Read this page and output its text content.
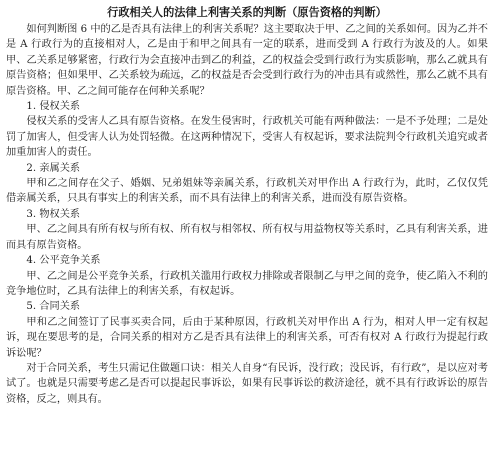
行政相关人的法律上利害关系的判断（原告资格的判断）

如何判断图 6 中的乙是否具有法律上的利害关系呢？这主要取决于甲、乙之间的关系如何。因为乙并不是 A 行政行为的直接相对人，乙是由于和甲之间具有一定的联系，进而受到 A 行政行为波及的人。如果甲、乙关系足够紧密，行政行为会直接冲击到乙的利益，乙的权益会受到行政行为实质影响，那么乙就具有原告资格；但如果甲、乙关系较为疏远，乙的权益是否会受到行政行为的冲击具有或然性，那么乙就不具有原告资格。甲、乙之间可能存在何种关系呢？

1. 侵权关系

侵权关系的受害人乙具有原告资格。在发生侵害时，行政机关可能有两种做法：一是不予处理；二是处罚了加害人，但受害人认为处罚轻微。在这两种情况下，受害人有权起诉，要求法院判令行政机关追究或者加重加害人的责任。

2. 亲属关系

甲和乙之间存在父子、婚姻、兄弟姐妹等亲属关系，行政机关对甲作出 A 行政行为，此时，乙仅仅凭借亲属关系，只具有事实上的利害关系，而不具有法律上的利害关系，进而没有原告资格。

3. 物权关系

甲、乙之间具有所有权与所有权、所有权与相邻权、所有权与用益物权等关系时，乙具有利害关系，进而具有原告资格。

4. 公平竞争关系

甲、乙之间是公平竞争关系，行政机关滥用行政权力排除或者限制乙与甲之间的竞争，使乙陷入不利的竞争地位时，乙具有法律上的利害关系，有权起诉。

5. 合同关系

甲和乙之间签订了民事买卖合同，后由于某种原因，行政机关对甲作出 A 行为，相对人甲一定有权起诉，现在要思考的是，合同关系的相对方乙是否具有法律上的利害关系，可否有权对 A 行政行为提起行政诉讼呢？

对于合同关系，考生只需记住做题口诀：相关人自身“有民诉，没行政；没民诉，有行政”，是以应对考试了。也就是只需要考虑乙是否可以提起民事诉讼，如果有民事诉讼的救济途径，就不具有行政诉讼的原告资格，反之，则具有。
